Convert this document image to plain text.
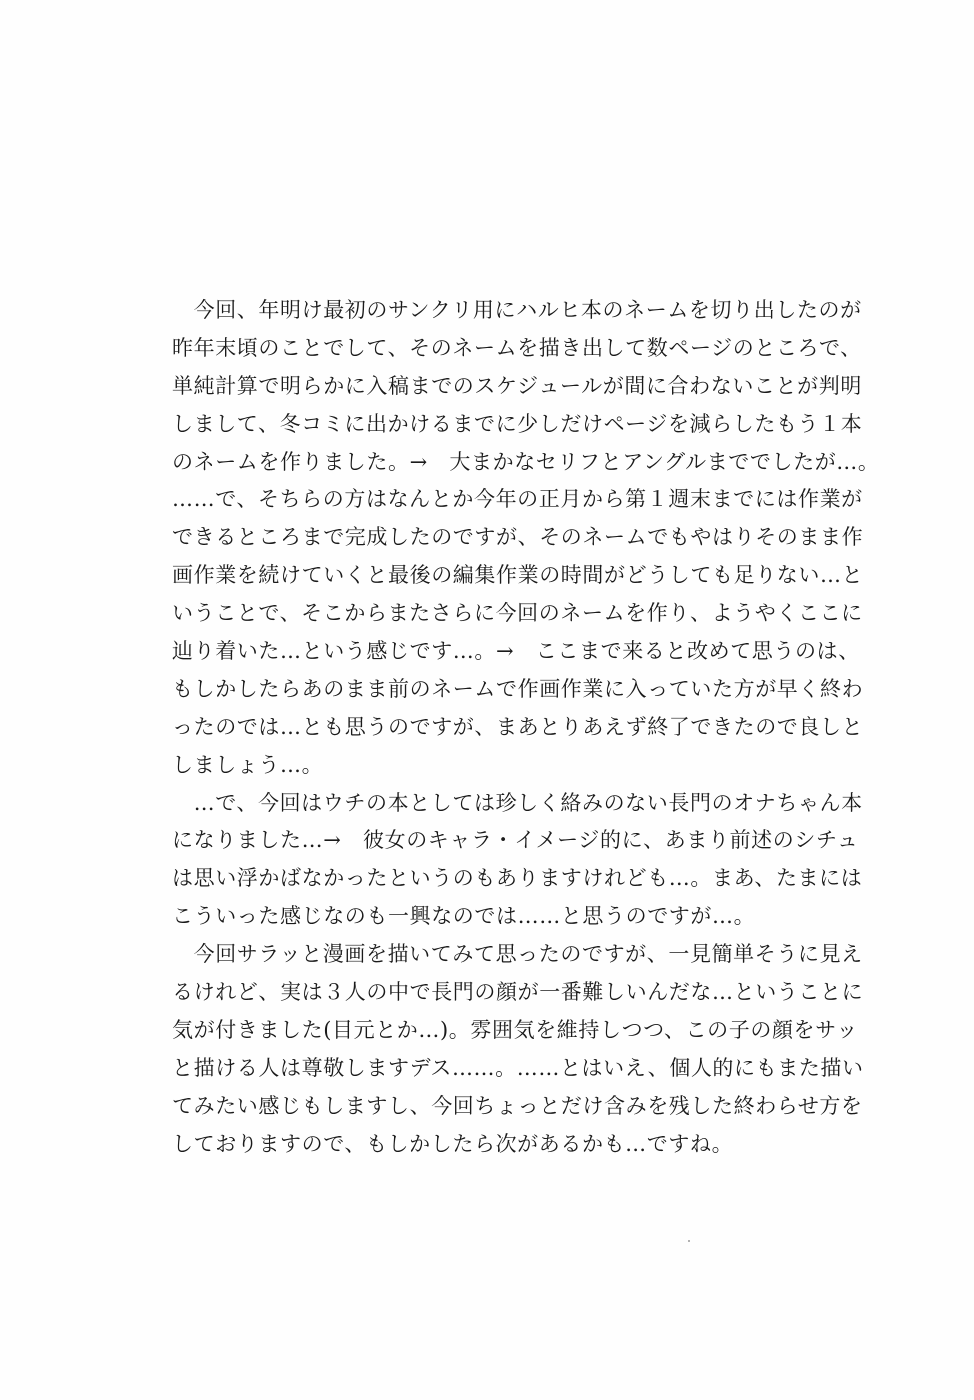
　今回、年明け最初のサンクリ用にハルヒ本のネームを切り出したのが
昨年末頃のことでして、そのネームを描き出して数ページのところで、
単純計算で明らかに入稿までのスケジュールが間に合わないことが判明
しまして、冬コミに出かけるまでに少しだけページを減らしたもう１本
のネームを作りました。→　大まかなセリフとアングルまででしたが…。
……で、そちらの方はなんとか今年の正月から第１週末までには作業が
できるところまで完成したのですが、そのネームでもやはりそのまま作
画作業を続けていくと最後の編集作業の時間がどうしても足りない…と
いうことで、そこからまたさらに今回のネームを作り、ようやくここに
辿り着いた…という感じです…。→　ここまで来ると改めて思うのは、
もしかしたらあのまま前のネームで作画作業に入っていた方が早く終わ
ったのでは…とも思うのですが、まあとりあえず終了できたので良しと
しましょう…。
　…で、今回はウチの本としては珍しく絡みのない長門のオナちゃん本
になりました…→　彼女のキャラ・イメージ的に、あまり前述のシチュ
は思い浮かばなかったというのもありますけれども…。まあ、たまには
こういった感じなのも一興なのでは……と思うのですが…。
　今回サラッと漫画を描いてみて思ったのですが、一見簡単そうに見え
るけれど、実は３人の中で長門の顔が一番難しいんだな…ということに
気が付きました(目元とか…)。雰囲気を維持しつつ、この子の顔をサッ
と描ける人は尊敬しますデス……。……とはいえ、個人的にもまた描い
てみたい感じもしますし、今回ちょっとだけ含みを残した終わらせ方を
しておりますので、もしかしたら次があるかも…ですね。
